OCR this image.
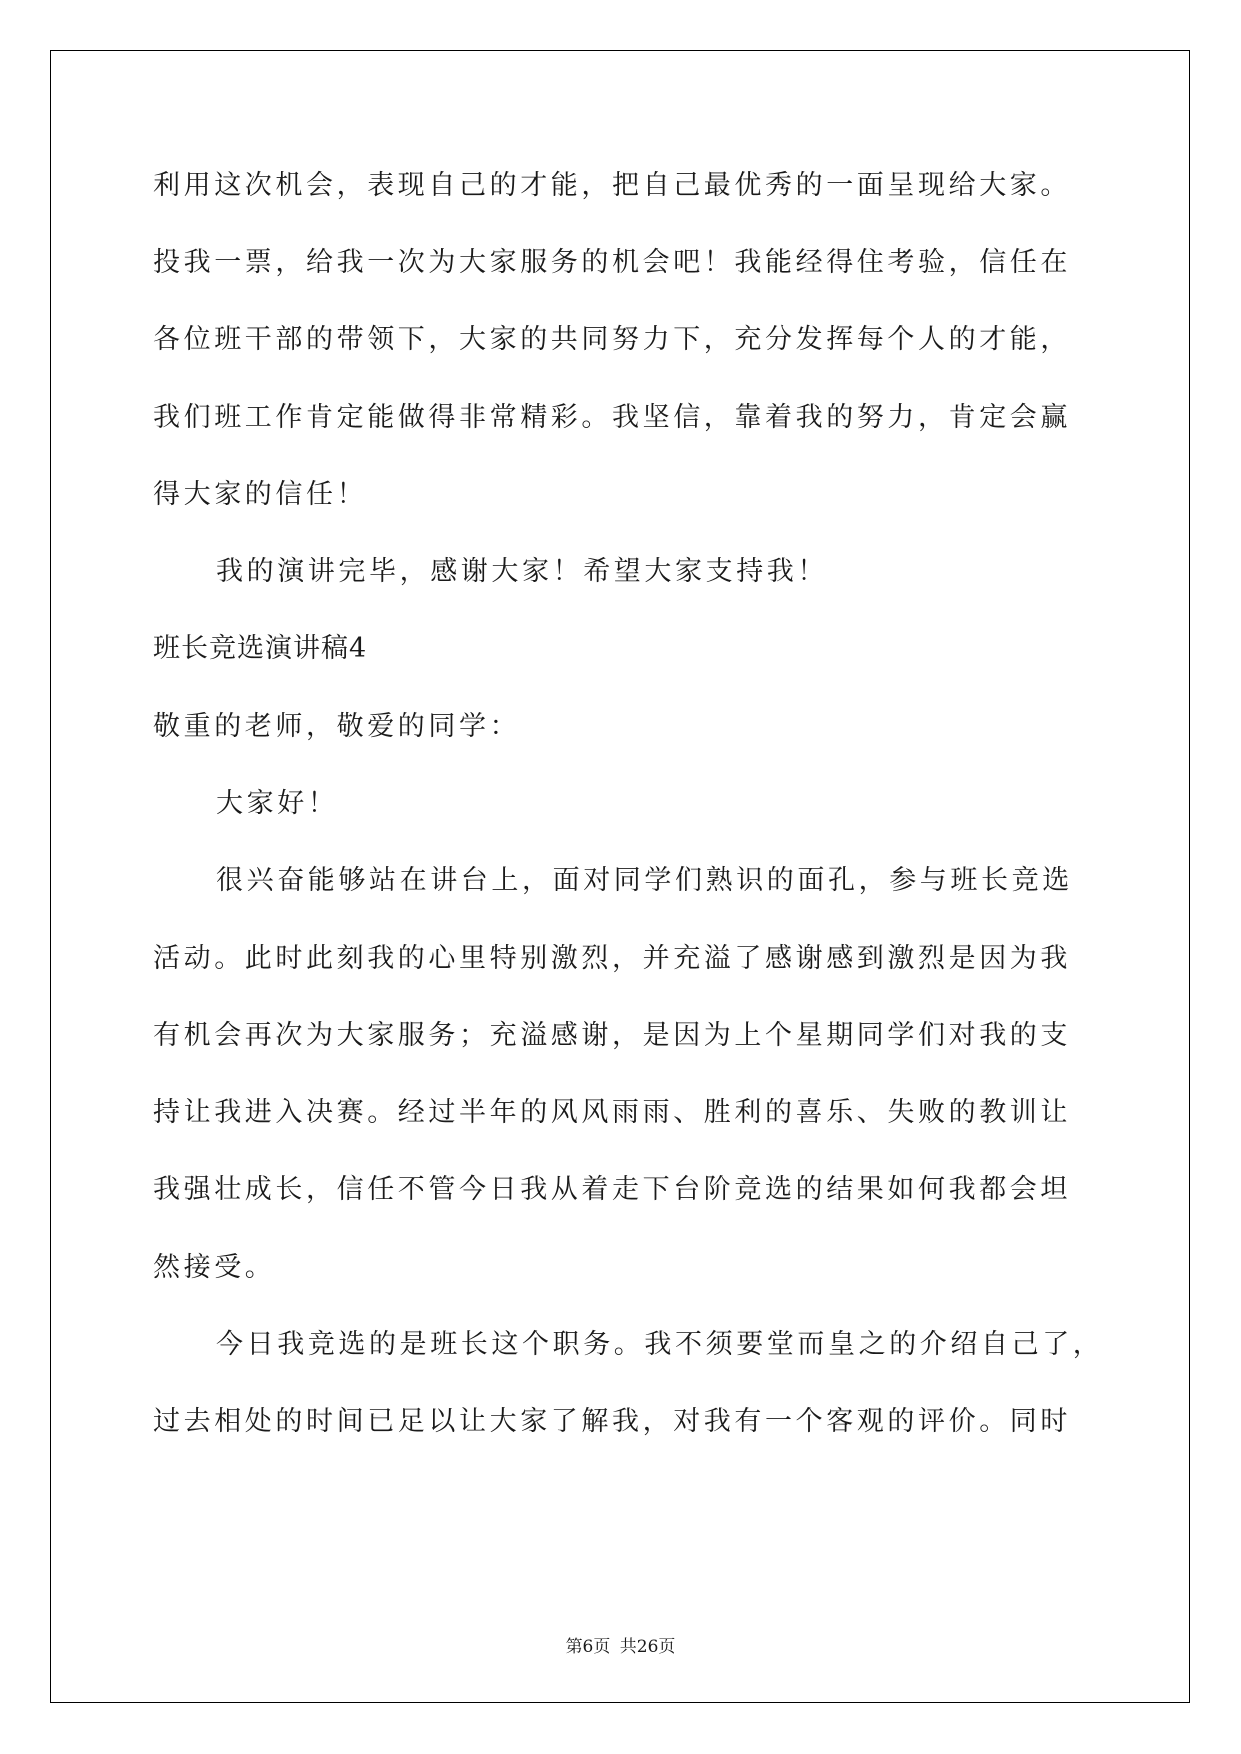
利用这次机会，表现自己的才能，把自己最优秀的一面呈现给大家。
投我一票，给我一次为大家服务的机会吧！我能经得住考验，信任在
各位班干部的带领下，大家的共同努力下，充分发挥每个人的才能，
我们班工作肯定能做得非常精彩。我坚信，靠着我的努力，肯定会赢
得大家的信任！
我的演讲完毕，感谢大家！希望大家支持我！
班长竞选演讲稿4
敬重的老师，敬爱的同学：
大家好！
很兴奋能够站在讲台上，面对同学们熟识的面孔，参与班长竞选
活动。此时此刻我的心里特别激烈，并充溢了感谢感到激烈是因为我
有机会再次为大家服务；充溢感谢，是因为上个星期同学们对我的支
持让我进入决赛。经过半年的风风雨雨、胜利的喜乐、失败的教训让
我强壮成长，信任不管今日我从着走下台阶竞选的结果如何我都会坦
然接受。
今日我竞选的是班长这个职务。我不须要堂而皇之的介绍自己了，
过去相处的时间已足以让大家了解我，对我有一个客观的评价。同时
第6页 共26页
